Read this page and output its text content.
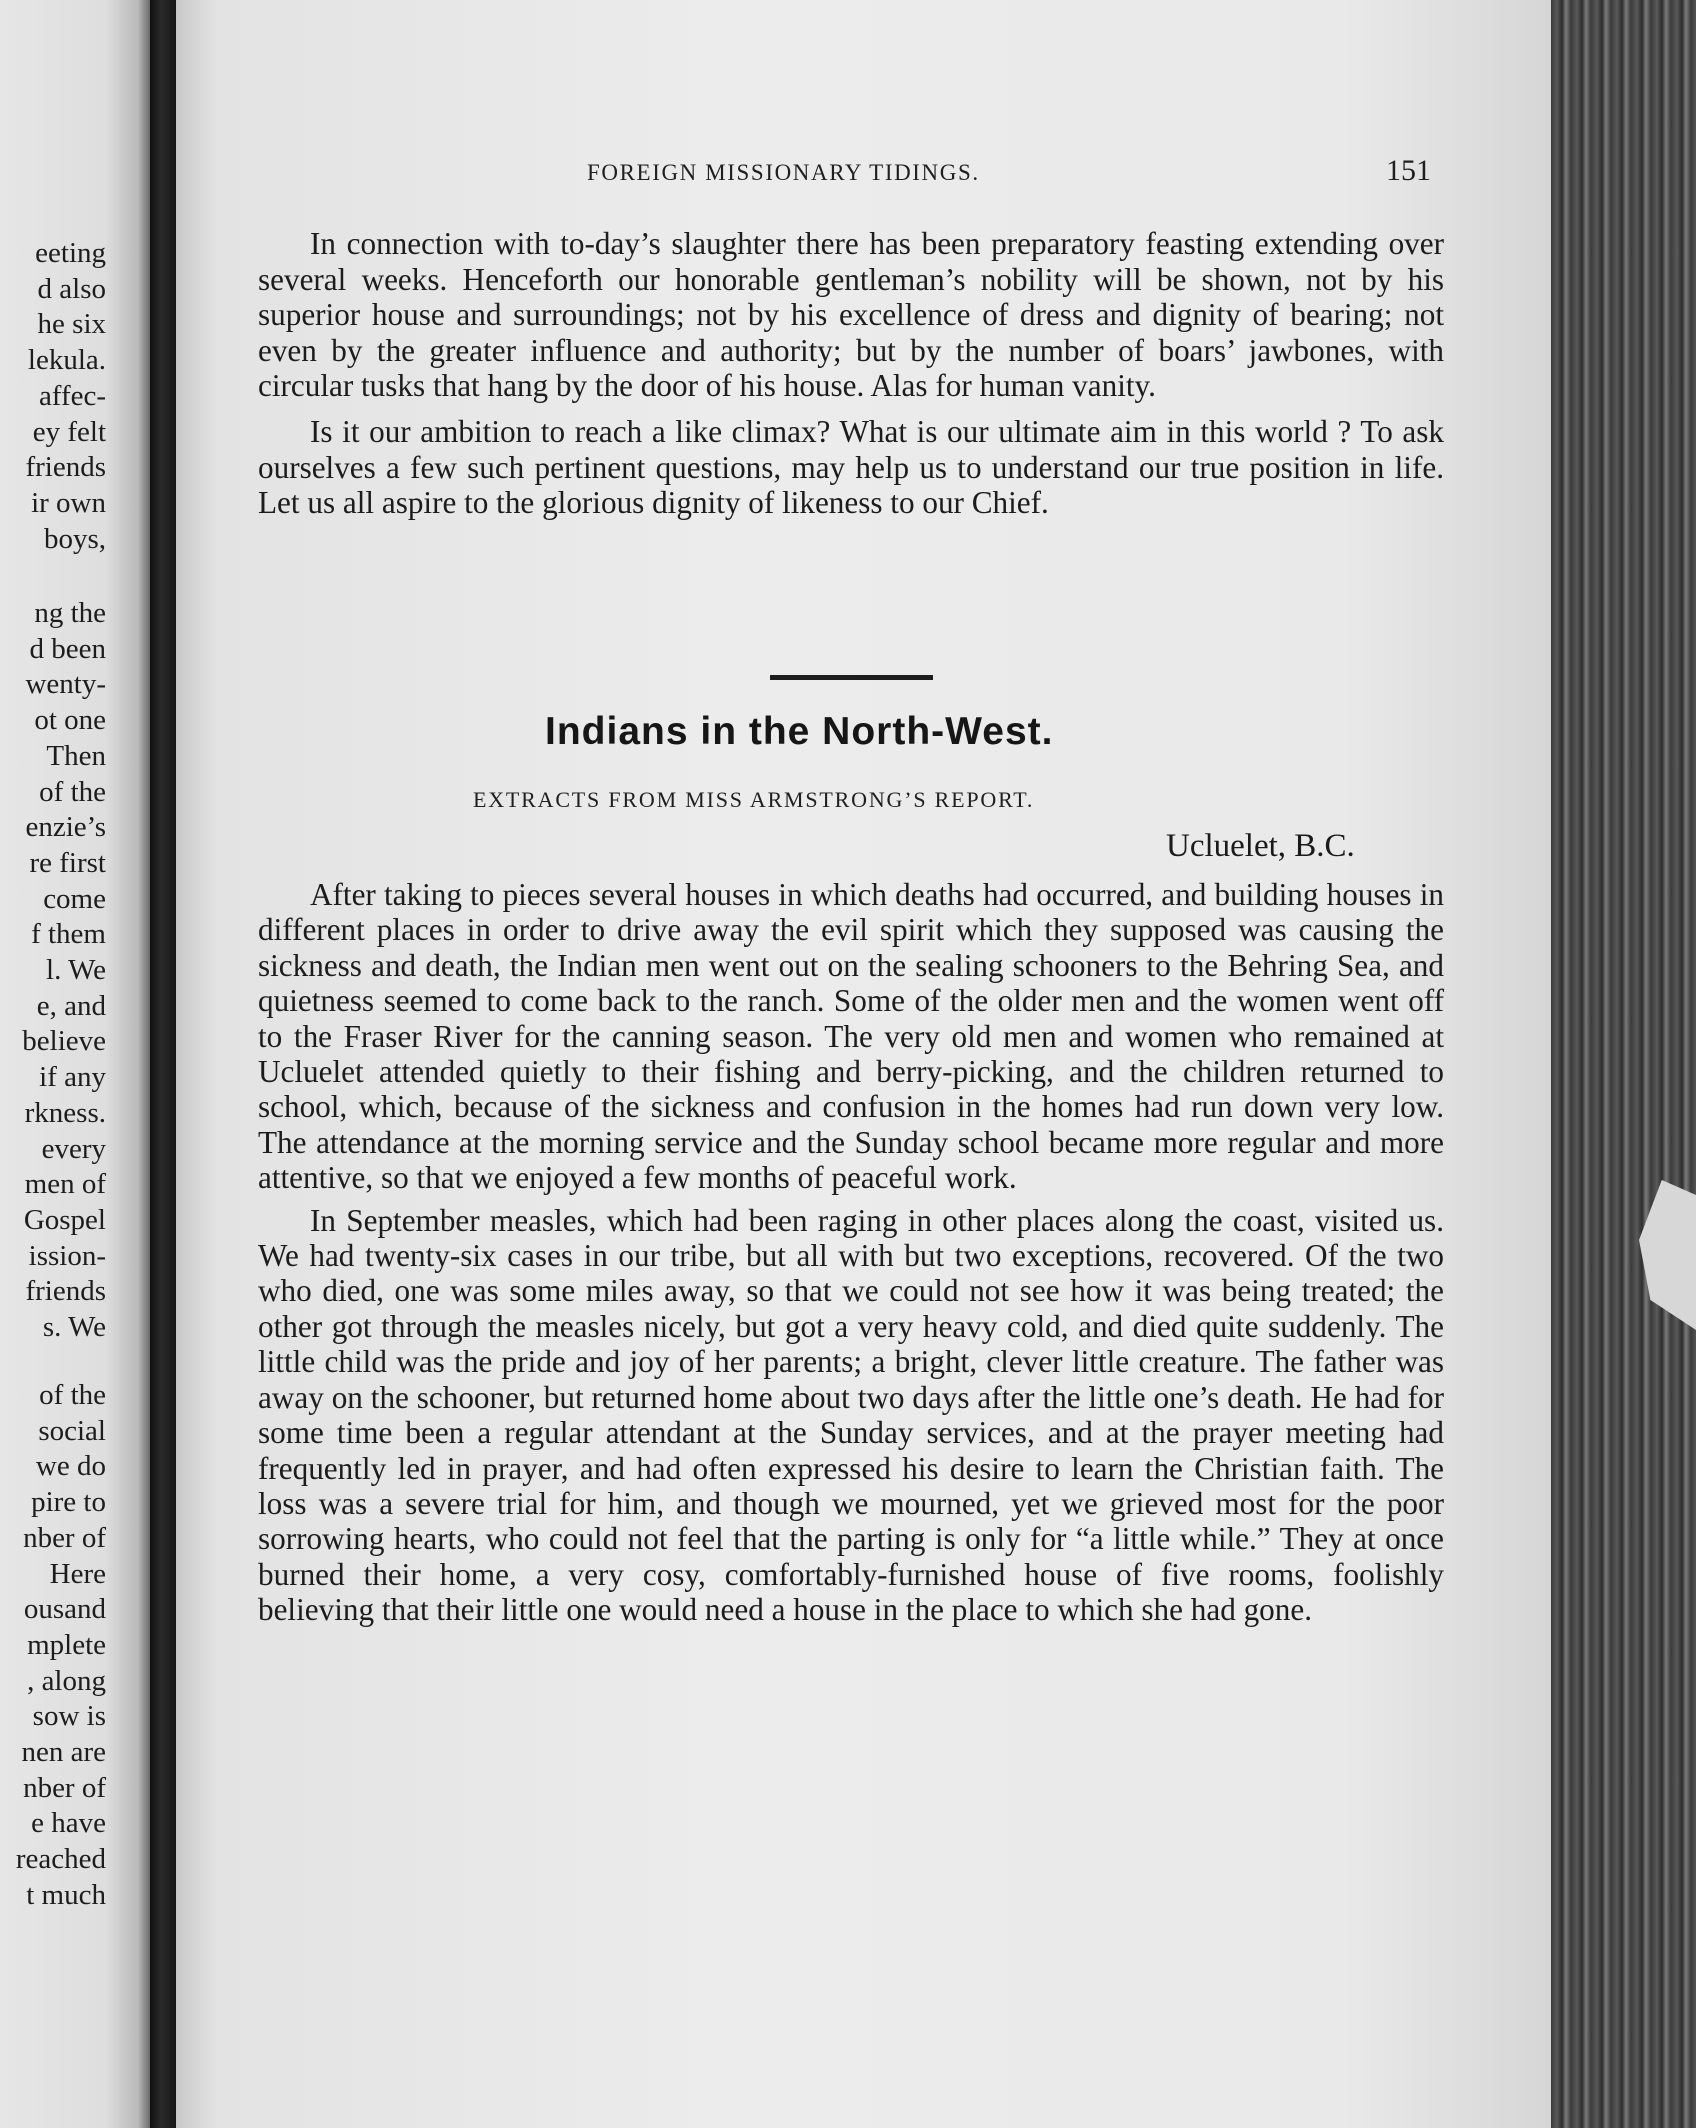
eeting
d also
he six
lekula.
affec-
ey felt
friends
ir own
boys,
ng the
d been
wenty-
ot one
Then
of the
enzie’s
re first
come
f them
l. We
e, and
believe
if any
rkness.
every
men of
Gospel
ission-
friends
s. We
of the
social
we do
pire to
nber of
Here
ousand
mplete
, along
sow is
nen are
nber of
e have
reached
t much
FOREIGN MISSIONARY TIDINGS.	151

In connection with to-day’s slaughter there has been preparatory feasting extending over several weeks. Henceforth our honorable gentleman’s nobility will be shown, not by his superior house and surroundings; not by his excellence of dress and dignity of bearing; not even by the greater influence and authority; but by the number of boars’ jawbones, with circular tusks that hang by the door of his house. Alas for human vanity.

Is it our ambition to reach a like climax? What is our ultimate aim in this world ? To ask ourselves a few such pertinent questions, may help us to understand our true position in life. Let us all aspire to the glorious dignity of likeness to our Chief.

Indians in the North-West.
EXTRACTS FROM MISS ARMSTRONG’S REPORT.
Ucluelet, B.C.

After taking to pieces several houses in which deaths had occurred, and building houses in different places in order to drive away the evil spirit which they supposed was causing the sickness and death, the Indian men went out on the sealing schooners to the Behring Sea, and quietness seemed to come back to the ranch. Some of the older men and the women went off to the Fraser River for the canning season. The very old men and women who remained at Ucluelet attended quietly to their fishing and berry-picking, and the children returned to school, which, because of the sickness and confusion in the homes had run down very low. The attendance at the morning service and the Sunday school became more regular and more attentive, so that we enjoyed a few months of peaceful work.

In September measles, which had been raging in other places along the coast, visited us. We had twenty-six cases in our tribe, but all with but two exceptions, recovered. Of the two who died, one was some miles away, so that we could not see how it was being treated; the other got through the measles nicely, but got a very heavy cold, and died quite suddenly. The little child was the pride and joy of her parents; a bright, clever little creature. The father was away on the schooner, but returned home about two days after the little one’s death. He had for some time been a regular attendant at the Sunday services, and at the prayer meeting had frequently led in prayer, and had often expressed his desire to learn the Christian faith. The loss was a severe trial for him, and though we mourned, yet we grieved most for the poor sorrowing hearts, who could not feel that the parting is only for “a little while.” They at once burned their home, a very cosy, comfortably-furnished house of five rooms, foolishly believing that their little one would need a house in the place to which she had gone.
